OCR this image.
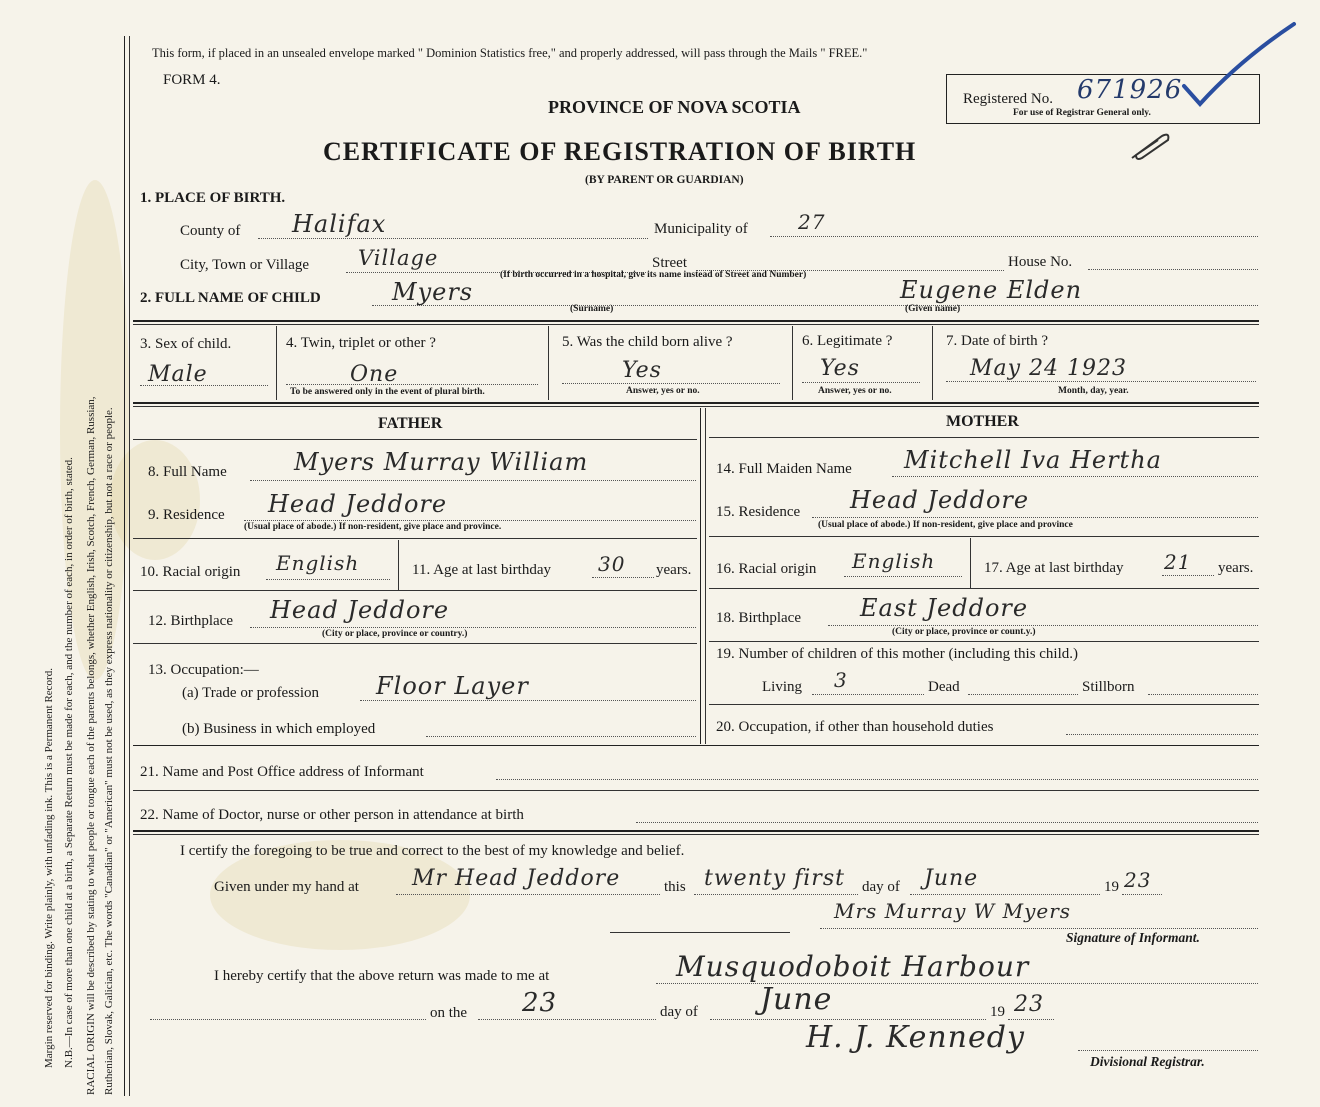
Margin reserved for binding. Write plainly, with unfading ink. This is a Permanent Record. N.B.—In case of more than one child at a birth, a Separate Return must be made for each, and the number of each, in order of birth, stated. RACIAL ORIGIN will be described by stating to what people or tongue each of the parents belongs, whether English, Irish, Scotch, French, German, Russian, Ruthenian, Slovak, Galician, etc. The words "Canadian" or "American" must not be used, as they express nationality or citizenship, but not a race or people.
This form, if placed in an unsealed envelope marked " Dominion Statistics free," and properly addressed, will pass through the Mails " FREE."
FORM 4.
PROVINCE OF NOVA SCOTIA
CERTIFICATE OF REGISTRATION OF BIRTH
(BY PARENT OR GUARDIAN)
Registered No. 671926
For use of Registrar General only.
1. PLACE OF BIRTH.
County of Halifax	Municipality of	27
City, Town or Village Village	Street	House No.
(If birth occurred in a hospital, give its name instead of Street and Number)
2. FULL NAME OF CHILD	Myers
(Surname)
Eugene Elden
(Given name)
3. Sex of child.
Male
4. Twin, triplet or other ?
One
To be answered only in the event of plural birth.
5. Was the child born alive ?
Yes
Answer, yes or no.
6. Legitimate ?
Yes
Answer, yes or no.
7. Date of birth ?
May 24 1923
Month, day, year.
FATHER
8. Full Name	Myers Murray William
9. Residence Head Jeddore
(Usual place of abode.) If non-resident, give place and province.
10. Racial origin English	11. Age at last birthday 30 years.
12. Birthplace Head Jeddore
(City or place, province or country.)
13. Occupation:—
(a) Trade or profession Floor Layer
(b) Business in which employed
MOTHER
14. Full Maiden Name Mitchell Iva Hertha
15. Residence Head Jeddore
(Usual place of abode.) If non-resident, give place and province
16. Racial origin English	17. Age at last birthday 21 years.
18. Birthplace East Jeddore
(City or place, province or count.y.)
19. Number of children of this mother (including this child.)
Living 3	Dead	Stillborn
20. Occupation, if other than household duties
21. Name and Post Office address of Informant
22. Name of Doctor, nurse or other person in attendance at birth
I certify the foregoing to be true and correct to the best of my knowledge and belief.
Given under my hand at Mr Head Jeddore	this twenty first day of June	19 23
Mrs Murray W Myers
Signature of Informant.
I hereby certify that the above return was made to me at	Musquodoboit Harbour
on the 23	day of June	19 23
H. J. Kennedy
Divisional Registrar.
